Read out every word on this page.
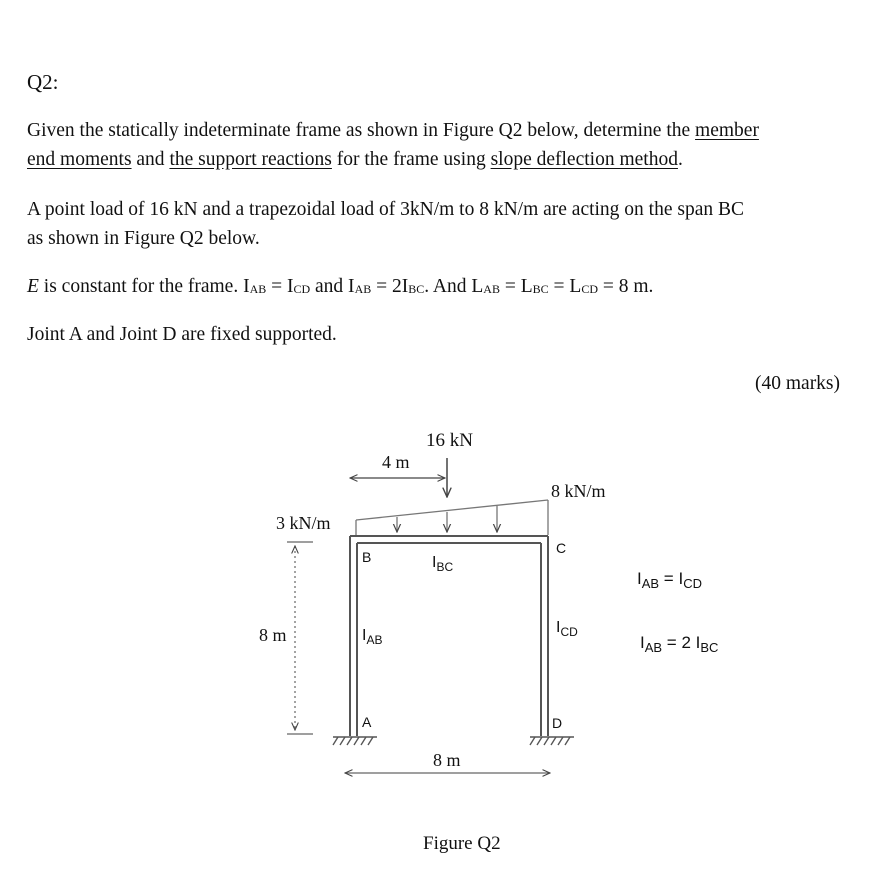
Q2:

Given the statically indeterminate frame as shown in Figure Q2 below, determine the member

end moments and the support reactions for the frame using slope deflection method.

A point load of 16 kN and a trapezoidal load of 3kN/m to 8 kN/m are acting on the span BC

as shown in Figure Q2 below.

E is constant for the frame. IAB = ICD and IAB = 2IBC. And LAB = LBC = LCD = 8 m.

Joint A and Joint D are fixed supported.

(40 marks)

16 kN
4 m
8 kN/m
3 kN/m
8 m
8 m
B
C
A	D
$I_{BC}$
$I_{AB}$
$I_{CD}$
$I_{AB} = I_{CD}$
$I_{AB} = 2$ $I_{BC}$
Figure Q2
